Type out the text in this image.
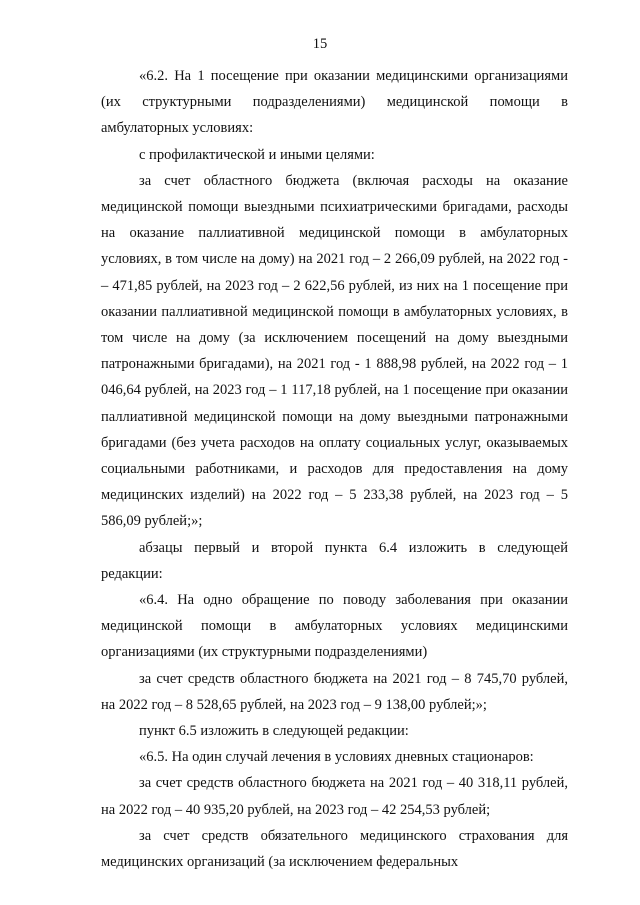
15

«6.2. На 1 посещение при оказании медицинскими организациями (их структурными подразделениями) медицинской помощи в амбулаторных условиях:

с профилактической и иными целями:

за счет областного бюджета (включая расходы на оказание медицинской помощи выездными психиатрическими бригадами, расходы на оказание паллиативной медицинской помощи в амбулаторных условиях, в том числе на дому) на 2021 год – 2 266,09 рублей, на 2022 год - – 471,85 рублей, на 2023 год – 2 622,56 рублей, из них на 1 посещение при оказании паллиативной медицинской помощи в амбулаторных условиях, в том числе на дому (за исключением посещений на дому выездными патронажными бригадами), на 2021 год - 1 888,98 рублей, на 2022 год – 1 046,64 рублей, на 2023 год – 1 117,18 рублей, на 1 посещение при оказании паллиативной медицинской помощи на дому выездными патронажными бригадами (без учета расходов на оплату социальных услуг, оказываемых социальными работниками, и расходов для предоставления на дому медицинских изделий) на 2022 год – 5 233,38 рублей, на 2023 год – 5 586,09 рублей;»;

абзацы первый и второй пункта 6.4 изложить в следующей редакции:

«6.4. На одно обращение по поводу заболевания при оказании медицинской помощи в амбулаторных условиях медицинскими организациями (их структурными подразделениями)

за счет средств областного бюджета на 2021 год – 8 745,70 рублей, на 2022 год – 8 528,65 рублей, на 2023 год – 9 138,00 рублей;»;

пункт 6.5 изложить в следующей редакции:

«6.5. На один случай лечения в условиях дневных стационаров:

за счет средств областного бюджета на 2021 год – 40 318,11 рублей, на 2022 год – 40 935,20 рублей, на 2023 год – 42 254,53 рублей;

за счет средств обязательного медицинского страхования для медицинских организаций (за исключением федеральных
